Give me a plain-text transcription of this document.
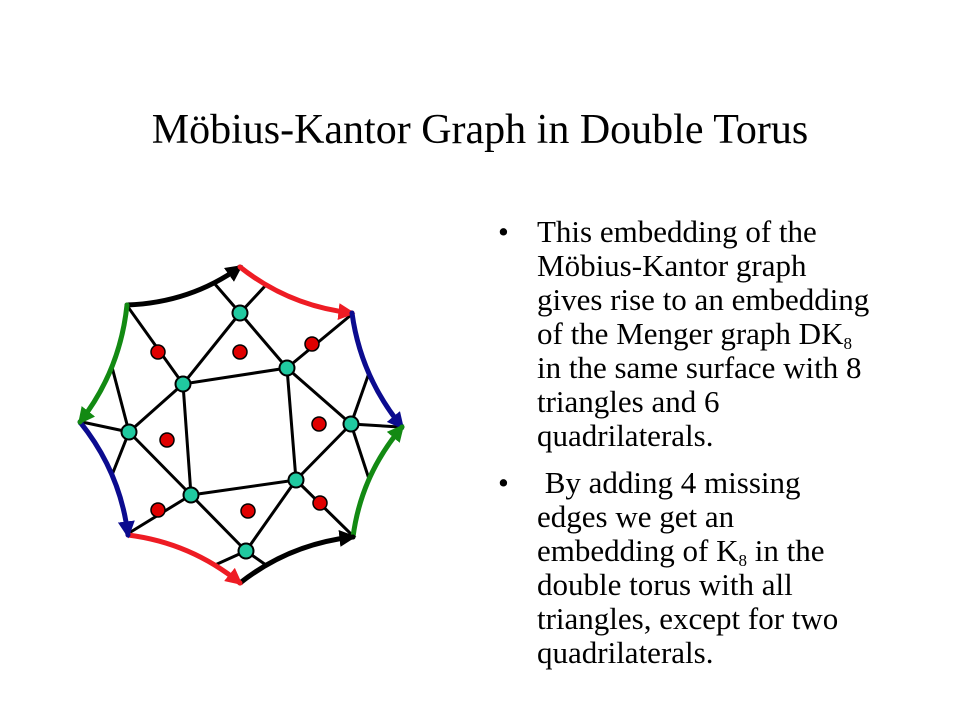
Möbius-Kantor Graph in Double Torus
• This embedding of the
Möbius-Kantor graph
gives rise to an embedding
of the Menger graph $DK_8$
in the same surface with 8
triangles and 6
quadrilaterals.
• By adding 4 missing
edges we get an
embedding of $K_8$ in the
double torus with all
triangles, except for two
quadrilaterals.
